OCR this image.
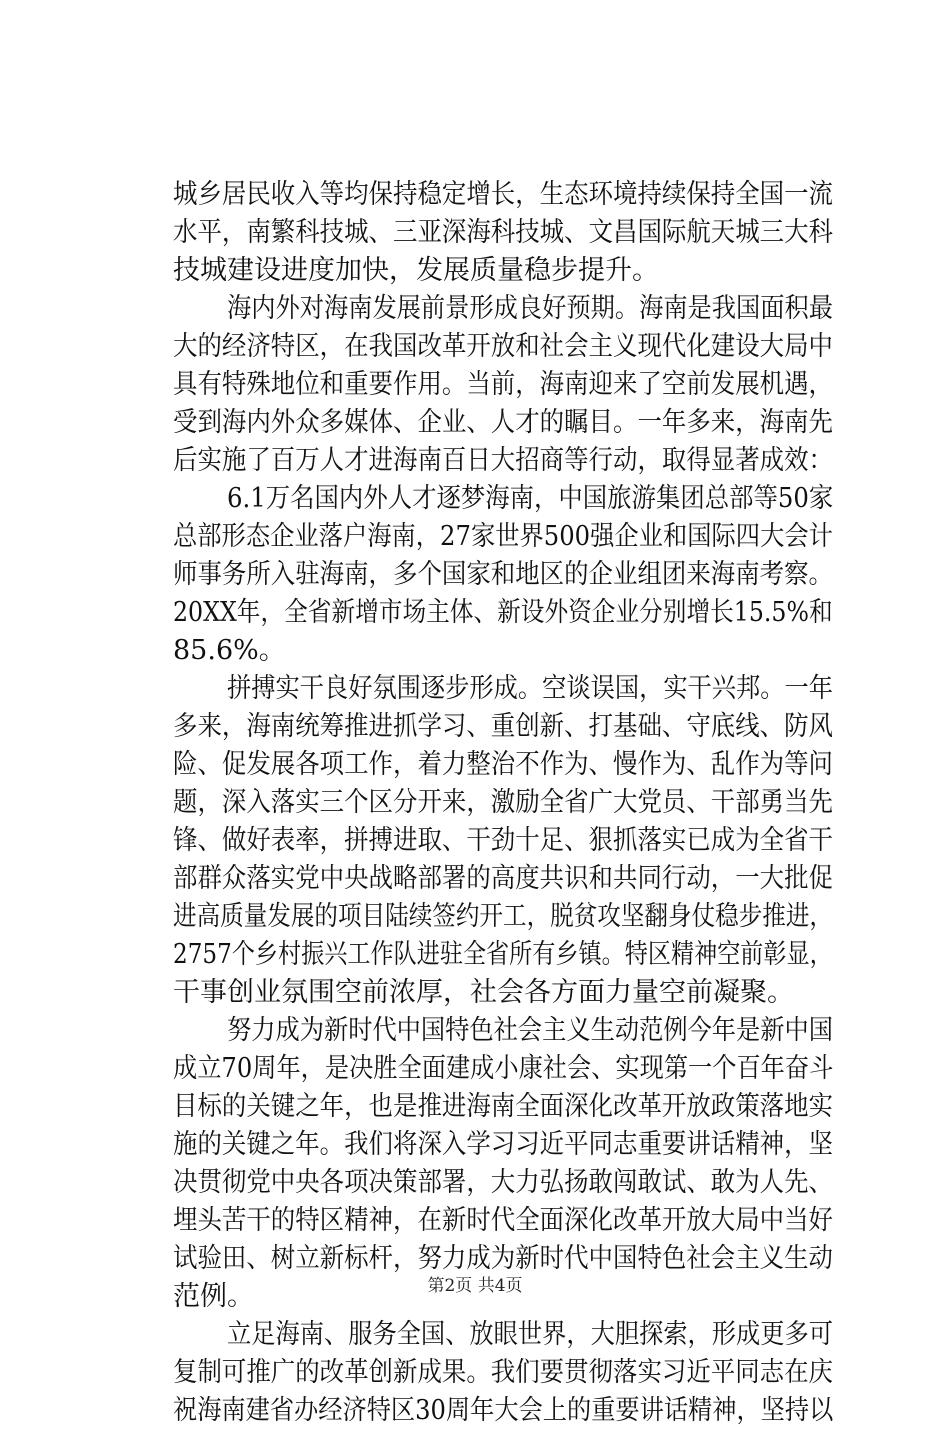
城乡居民收入等均保持稳定增长，生态环境持续保持全国一流
水平，南繁科技城、三亚深海科技城、文昌国际航天城三大科
技城建设进度加快，发展质量稳步提升。
海内外对海南发展前景形成良好预期。海南是我国面积最
大的经济特区，在我国改革开放和社会主义现代化建设大局中
具有特殊地位和重要作用。当前，海南迎来了空前发展机遇，
受到海内外众多媒体、企业、人才的瞩目。一年多来，海南先
后实施了百万人才进海南百日大招商等行动，取得显著成效：
6.1万名国内外人才逐梦海南，中国旅游集团总部等50家
总部形态企业落户海南，27家世界500强企业和国际四大会计
师事务所入驻海南，多个国家和地区的企业组团来海南考察。
20XX年，全省新增市场主体、新设外资企业分别增长15.5%和
85.6%。
拼搏实干良好氛围逐步形成。空谈误国，实干兴邦。一年
多来，海南统筹推进抓学习、重创新、打基础、守底线、防风
险、促发展各项工作，着力整治不作为、慢作为、乱作为等问
题，深入落实三个区分开来，激励全省广大党员、干部勇当先
锋、做好表率，拼搏进取、干劲十足、狠抓落实已成为全省干
部群众落实党中央战略部署的高度共识和共同行动，一大批促
进高质量发展的项目陆续签约开工，脱贫攻坚翻身仗稳步推进，
2757个乡村振兴工作队进驻全省所有乡镇。特区精神空前彰显，
干事创业氛围空前浓厚，社会各方面力量空前凝聚。
努力成为新时代中国特色社会主义生动范例今年是新中国
成立70周年，是决胜全面建成小康社会、实现第一个百年奋斗
目标的关键之年，也是推进海南全面深化改革开放政策落地实
施的关键之年。我们将深入学习习近平同志重要讲话精神，坚
决贯彻党中央各项决策部署，大力弘扬敢闯敢试、敢为人先、
埋头苦干的特区精神，在新时代全面深化改革开放大局中当好
试验田、树立新标杆，努力成为新时代中国特色社会主义生动
范例。
立足海南、服务全国、放眼世界，大胆探索，形成更多可
复制可推广的改革创新成果。我们要贯彻落实习近平同志在庆
祝海南建省办经济特区30周年大会上的重要讲话精神，坚持以
第2页 共4页
